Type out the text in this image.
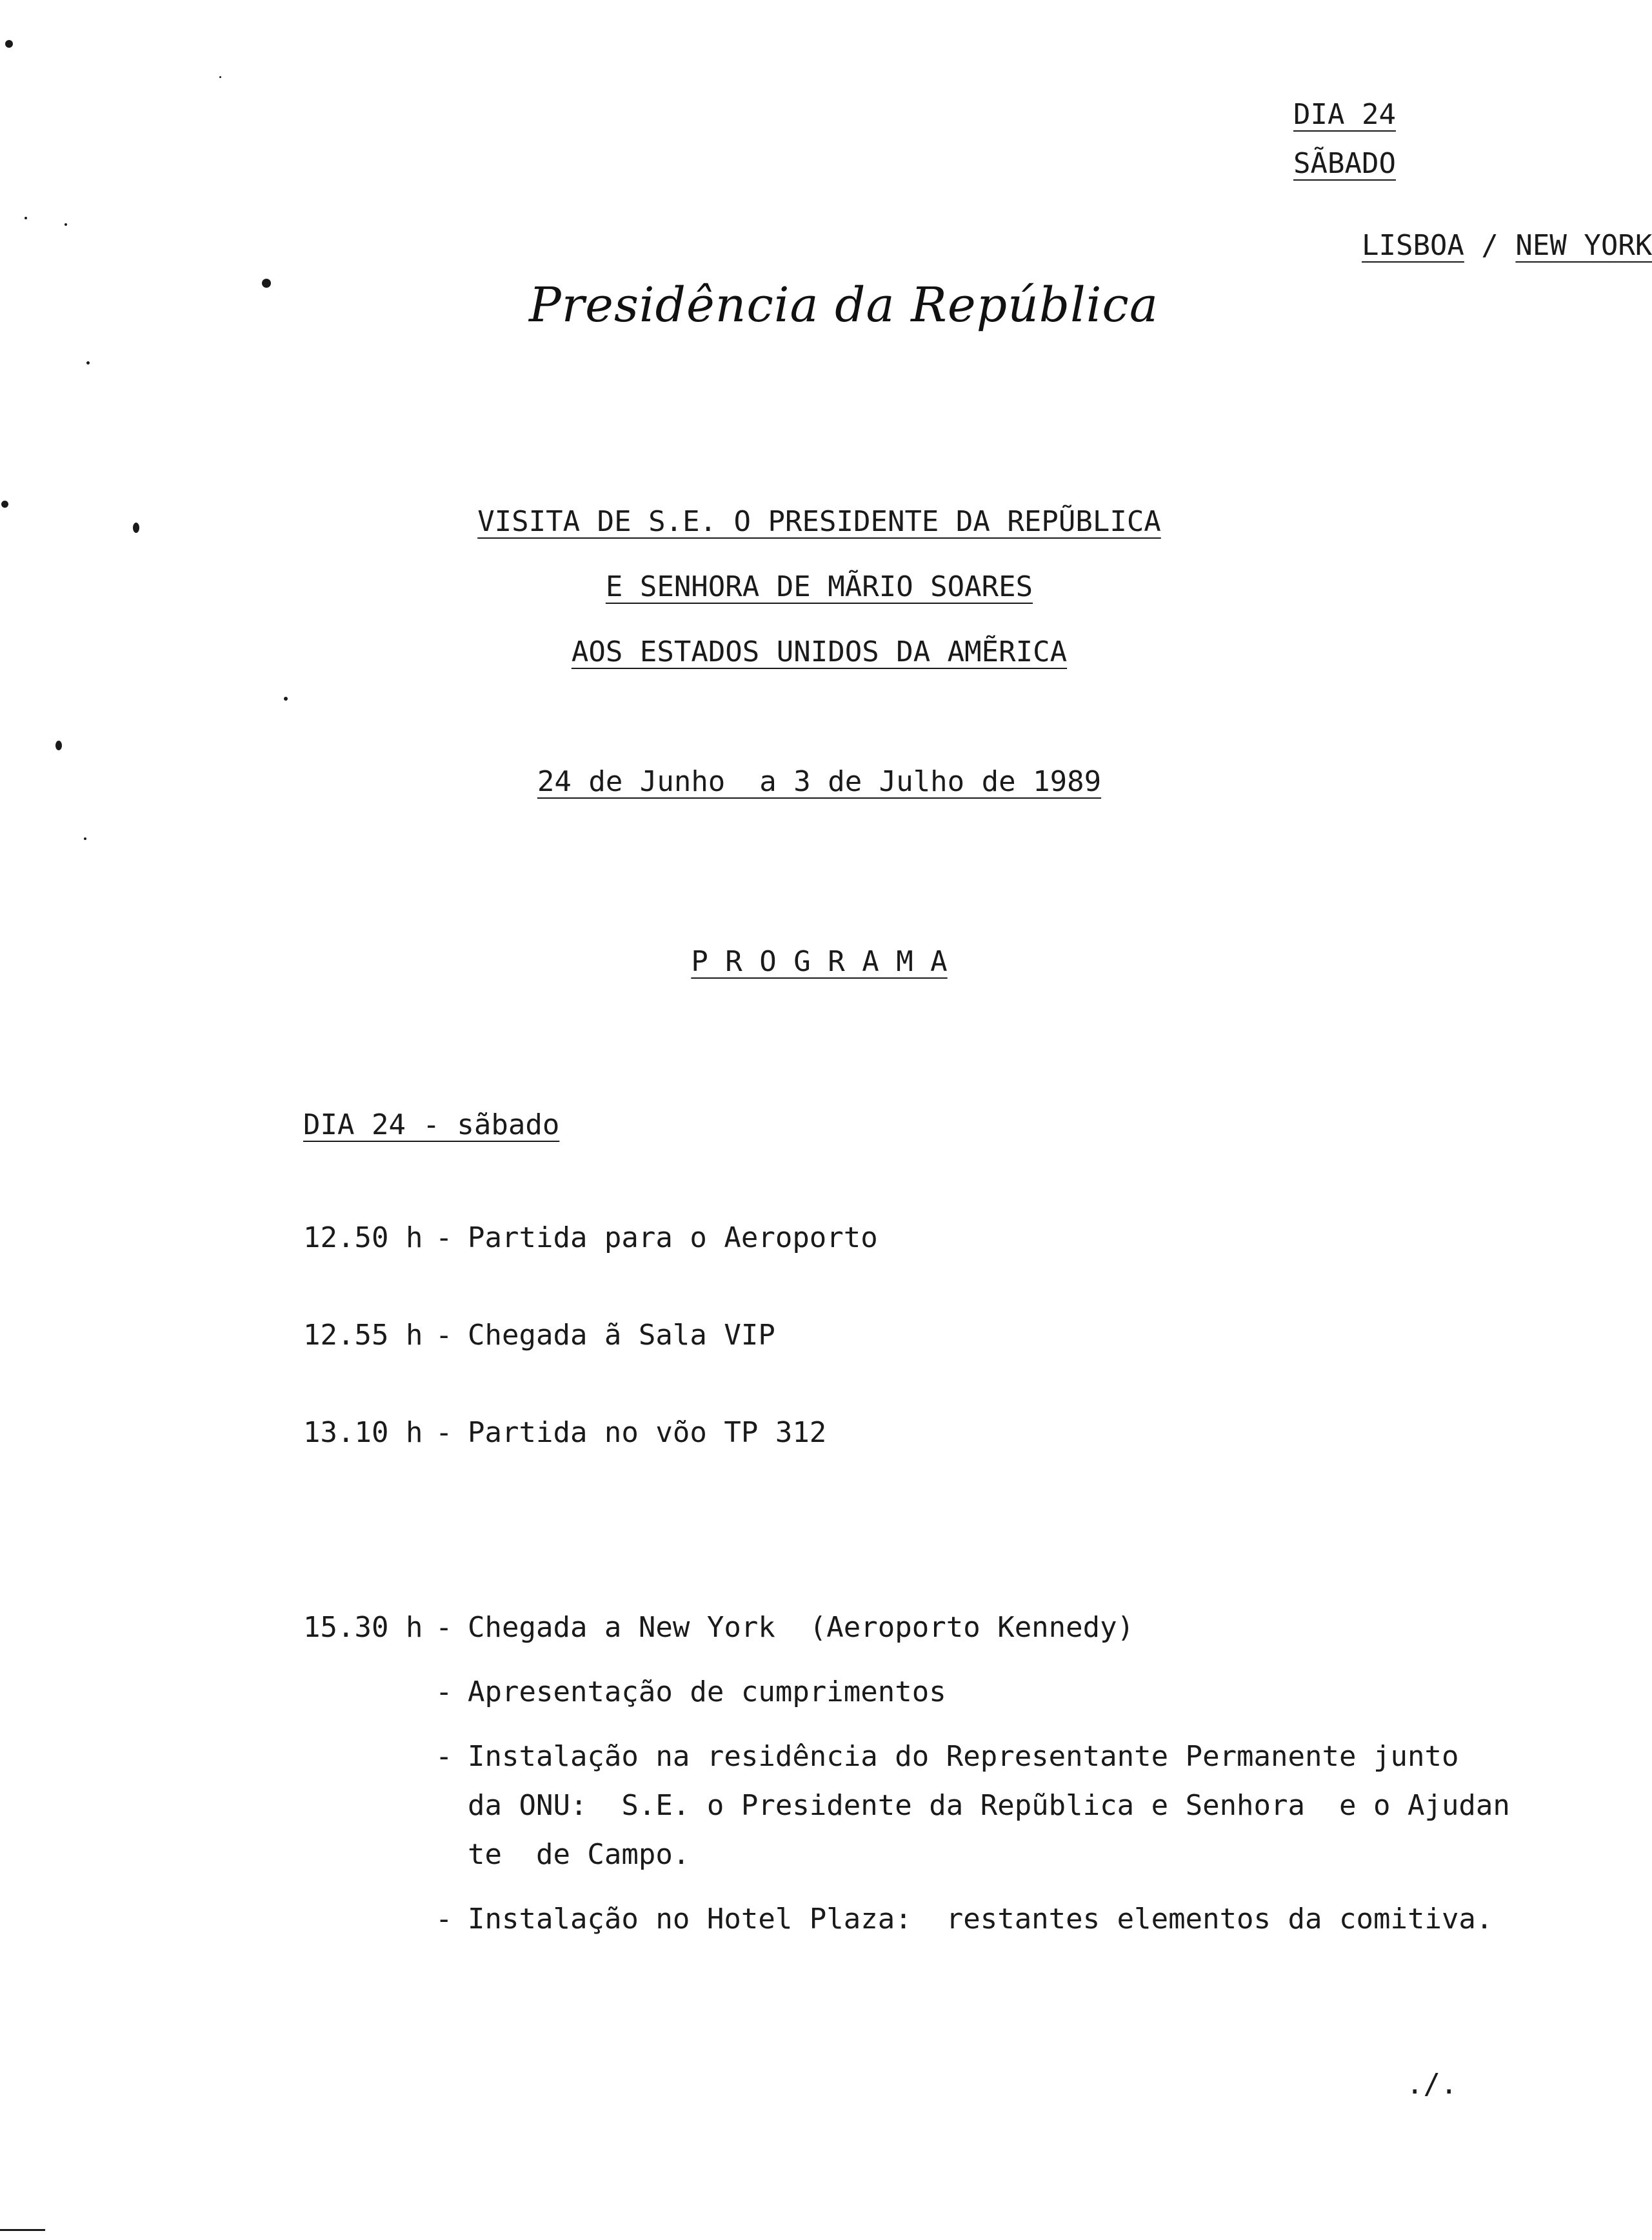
DIA 24
SÃBADO

LISBOA / NEW YORK

Presidência da República
VISITA DE S.E. O PRESIDENTE DA REPŨBLICA
E SENHORA DE MÃRIO SOARES
AOS ESTADOS UNIDOS DA AMẼRICA
24 de Junho  a 3 de Julho de 1989
P R O G R A M A
DIA 24 - sãbado
12.50 h - Partida para o Aeroporto
12.55 h - Chegada ã Sala VIP
13.10 h - Partida no võo TP 312
15.30 h - Chegada a New York  (Aeroporto Kennedy)
- Apresentação de cumprimentos
- Instalação na residência do Representante Permanente junto
da ONU:  S.E. o Presidente da Repũblica e Senhora  e o Ajudan
te  de Campo.
- Instalação no Hotel Plaza:  restantes elementos da comitiva.
./.
